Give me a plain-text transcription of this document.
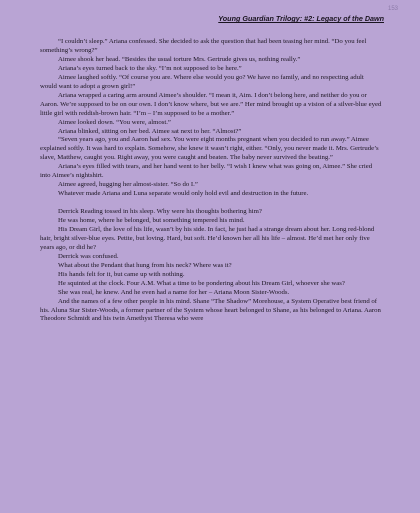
153
Young Guardian Trilogy: #2: Legacy of the Dawn

“I couldn’t sleep.” Ariana confessed. She decided to ask the question that had been teasing her mind. “Do you feel something’s wrong?”

Aimee shook her head. “Besides the usual torture Mrs. Gertrude gives us, nothing really.”

Ariana’s eyes turned back to the sky. “I’m not supposed to be here.”

Aimee laughed softly. “Of course you are. Where else would you go? We have no family, and no respecting adult would want to adopt a grown girl!”

Ariana wrapped a caring arm around Aimee’s shoulder. “I mean it, Aim. I don’t belong here, and neither do you or Aaron. We’re supposed to be on our own. I don’t know where, but we are.” Her mind brought up a vision of a silver-blue eyed little girl with reddish-brown hair. “I’m – I’m supposed to be a mother.”

Aimee looked down. “You were, almost.”

Ariana blinked, sitting on her bed. Aimee sat next to her. “Almost?”

“Seven years ago, you and Aaron had sex. You were eight months pregnant when you decided to run away.” Aimee explained softly. It was hard to explain. Somehow, she knew it wasn’t right, either. “Only, you never made it. Mrs. Gertrude’s slave, Matthew, caught you. Right away, you were caught and beaten. The baby never survived the beating.”

Ariana’s eyes filled with tears, and her hand went to her belly. “I wish I knew what was going on, Aimee.” She cried into Aimee’s nightshirt.

Aimee agreed, hugging her almost-sister. “So do I.”

Whatever made Ariana and Luna separate would only hold evil and destruction in the future.

Derrick Reading tossed in his sleep. Why were his thoughts bothering him?

He was home, where he belonged, but something tempered his mind.

His Dream Girl, the love of his life, wasn’t by his side. In fact, he just had a strange dream about her. Long red-blond hair, bright silver-blue eyes. Petite, but loving. Hard, but soft. He’d known her all his life – almost. He’d met her only five years ago, or did he?

Derrick was confused.

What about the Pendant that hung from his neck? Where was it?

His hands felt for it, but came up with nothing.

He squinted at the clock. Four A.M. What a time to be pondering about his Dream Girl, whoever she was?

She was real, he knew. And he even had a name for her – Ariana Moon Sister-Woods.

And the names of a few other people in his mind. Shane “The Shadow” Morehouse, a System Operative best friend of his. Aluna Star Sister-Woods, a former partner of the System whose heart belonged to Shane, as his belonged to Ariana. Aaron Theodore Schmidt and his twin Amethyst Theresa who were
